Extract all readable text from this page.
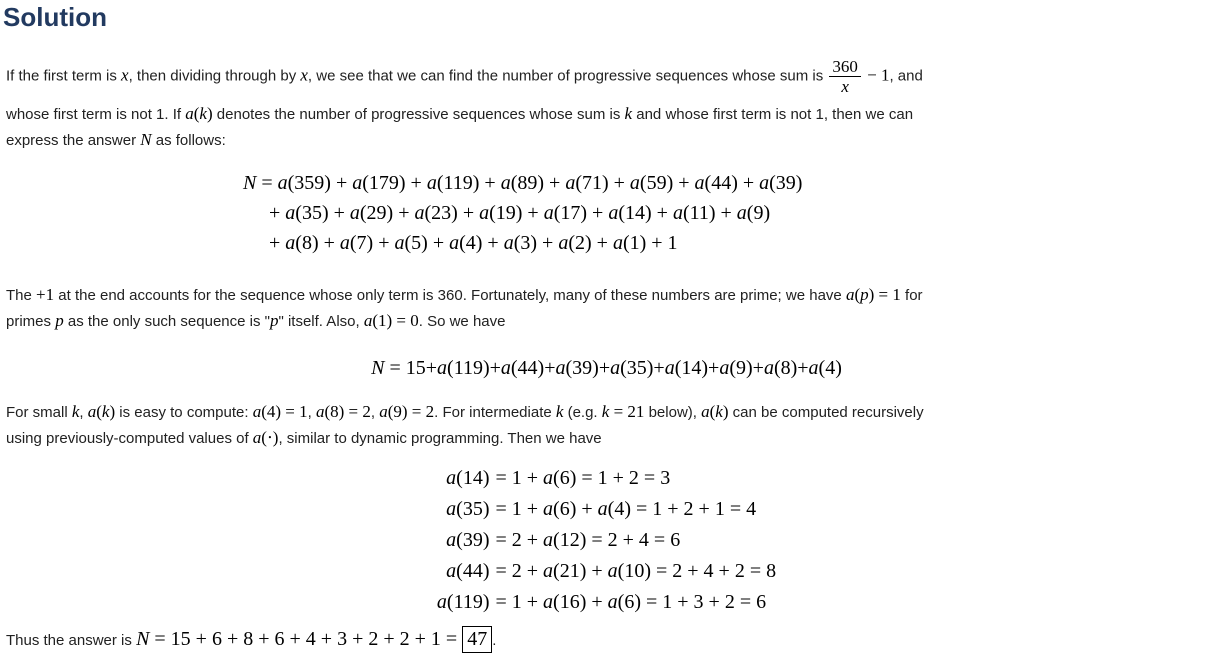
Solution
If the first term is x, then dividing through by x, we see that we can find the number of progressive sequences whose sum is $\frac{360}{x} - 1$, and
whose first term is not 1. If a(k) denotes the number of progressive sequences whose sum is k and whose first term is not 1, then we can
express the answer N as follows:
N = a(359) + a(179) + a(119) + a(89) + a(71) + a(59) + a(44) + a(39)
+ a(35) + a(29) + a(23) + a(19) + a(17) + a(14) + a(11) + a(9)
+ a(8) + a(7) + a(5) + a(4) + a(3) + a(2) + a(1) + 1
The +1 at the end accounts for the sequence whose only term is 360. Fortunately, many of these numbers are prime; we have a(p) = 1 for
primes p as the only such sequence is "p" itself. Also, a(1) = 0. So we have
N = 15+a(119)+a(44)+a(39)+a(35)+a(14)+a(9)+a(8)+a(4)
For small k, a(k) is easy to compute: a(4) = 1, a(8) = 2, a(9) = 2. For intermediate k (e.g. k = 21 below), a(k) can be computed recursively
using previously-computed values of a(⋅), similar to dynamic programming. Then we have
a(14) = 1 + a(6) = 1 + 2 = 3
a(35) = 1 + a(6) + a(4) = 1 + 2 + 1 = 4
a(39) = 2 + a(12) = 2 + 4 = 6
a(44) = 2 + a(21) + a(10) = 2 + 4 + 2 = 8
a(119) = 1 + a(16) + a(6) = 1 + 3 + 2 = 6
Thus the answer is N = 15 + 6 + 8 + 6 + 4 + 3 + 2 + 2 + 1 = 47 .
